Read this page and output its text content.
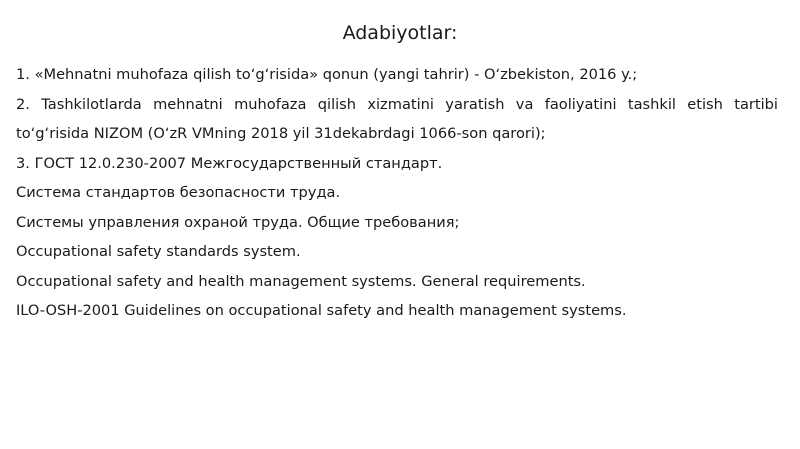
Adabiyotlar:

1. «Mehnatni muhofaza qilish to‘g‘risida» qonun (yangi tahrir) - O‘zbekiston, 2016 y.;

2. Tashkilotlarda mehnatni muhofaza qilish xizmatini yaratish va faoliyatini tashkil etish tartibi

to‘g‘risida NIZOM (O‘zR VMning 2018 yil 31dekabrdagi 1066-son qarori);

3. ГОСТ 12.0.230-2007 Межгосударственный стандарт.

Система стандартов безопасности труда.

Системы управления охраной труда. Общие требования;

Occupational safety standards system.

Occupational safety and health management systems. General requirements.

ILO-OSH-2001 Guidelines on occupational safety and health management systems.
